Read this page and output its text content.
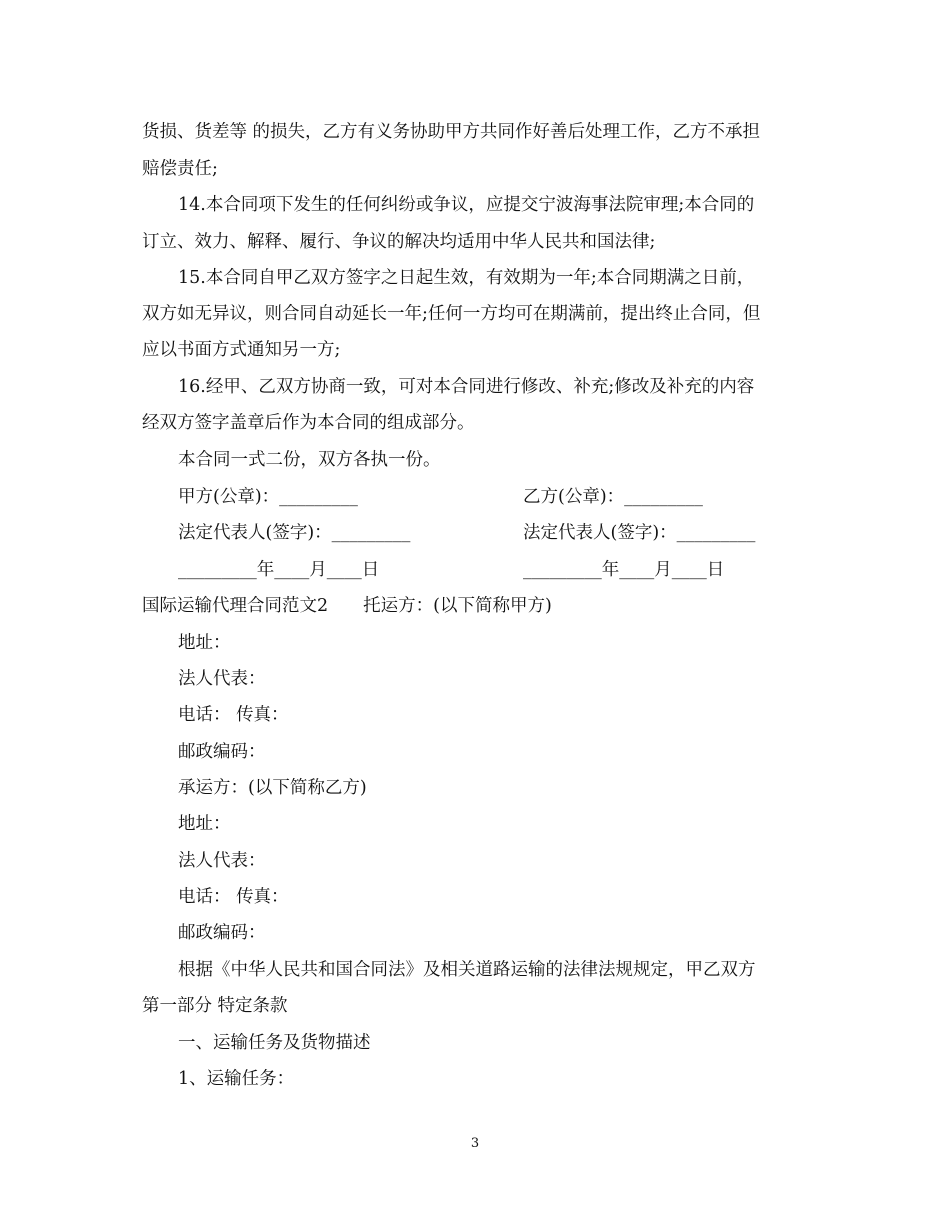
货损、货差等 的损失，乙方有义务协助甲方共同作好善后处理工作，乙方不承担
赔偿责任;
14.本合同项下发生的任何纠纷或争议，应提交宁波海事法院审理;本合同的
订立、效力、解释、履行、争议的解决均适用中华人民共和国法律;
15.本合同自甲乙双方签字之日起生效，有效期为一年;本合同期满之日前，
双方如无异议，则合同自动延长一年;任何一方均可在期满前，提出终止合同，但
应以书面方式通知另一方;
16.经甲、乙双方协商一致，可对本合同进行修改、补充;修改及补充的内容
经双方签字盖章后作为本合同的组成部分。
本合同一式二份，双方各执一份。
甲方(公章)：_________	乙方(公章)：_________
法定代表人(签字)：_________	法定代表人(签字)：_________
_________年____月____日	_________年____月____日
国际运输代理合同范文2　　托运方：(以下简称甲方)
地址：
法人代表：
电话： 传真：
邮政编码：
承运方：(以下简称乙方)
地址：
法人代表：
电话： 传真：
邮政编码：
根据《中华人民共和国合同法》及相关道路运输的法律法规规定，甲乙双方
第一部分 特定条款
一、运输任务及货物描述
1、运输任务：
3
